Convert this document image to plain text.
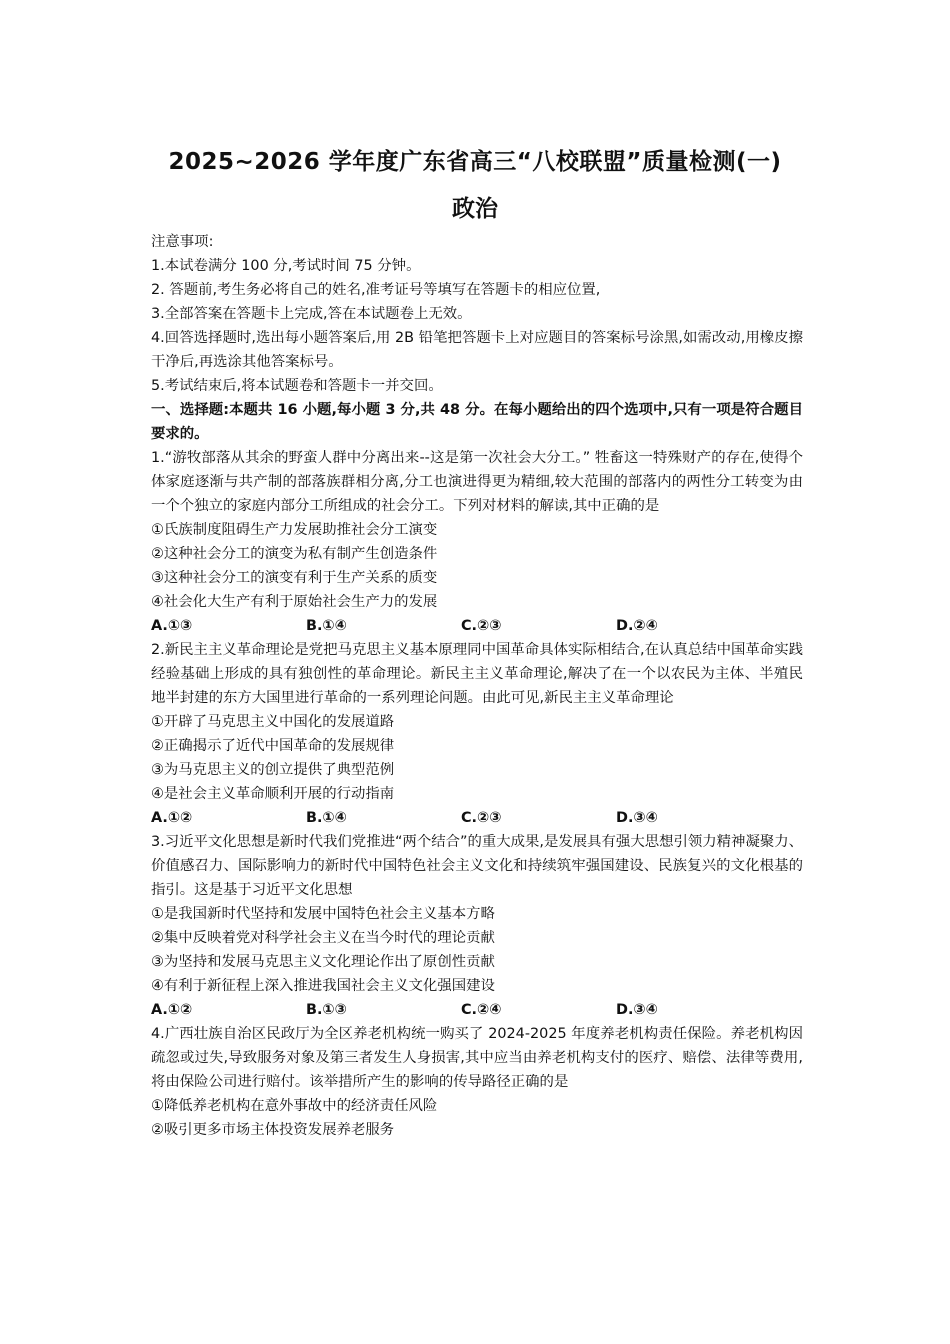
2025~2026 学年度广东省高三“八校联盟”质量检测(一)
政治
注意事项:
1.本试卷满分 100 分,考试时间 75 分钟。
2. 答题前,考生务必将自己的姓名,准考证号等填写在答题卡的相应位置,
3.全部答案在答题卡上完成,答在本试题卷上无效。
4.回答选择题时,选出每小题答案后,用 2B 铅笔把答题卡上对应题目的答案标号涂黑,如需改动,用橡皮擦干净后,再选涂其他答案标号。
5.考试结束后,将本试题卷和答题卡一并交回。
一、选择题:本题共 16 小题,每小题 3 分,共 48 分。在每小题给出的四个选项中,只有一项是符合题目要求的。
1.“游牧部落从其余的野蛮人群中分离出来--这是第一次社会大分工。” 牲畜这一特殊财产的存在,使得个体家庭逐渐与共产制的部落族群相分离,分工也演进得更为精细,较大范围的部落内的两性分工转变为由一个个独立的家庭内部分工所组成的社会分工。下列对材料的解读,其中正确的是
①氏族制度阻碍生产力发展助推社会分工演变
②这种社会分工的演变为私有制产生创造条件
③这种社会分工的演变有利于生产关系的质变
④社会化大生产有利于原始社会生产力的发展
A.①③	B.①④	C.②③	D.②④
2.新民主主义革命理论是党把马克思主义基本原理同中国革命具体实际相结合,在认真总结中国革命实践经验基础上形成的具有独创性的革命理论。新民主主义革命理论,解决了在一个以农民为主体、半殖民地半封建的东方大国里进行革命的一系列理论问题。由此可见,新民主主义革命理论
①开辟了马克思主义中国化的发展道路
②正确揭示了近代中国革命的发展规律
③为马克思主义的创立提供了典型范例
④是社会主义革命顺利开展的行动指南
A.①②	B.①④	C.②③	D.③④
3.习近平文化思想是新时代我们党推进“两个结合”的重大成果,是发展具有强大思想引领力精神凝聚力、价值感召力、国际影响力的新时代中国特色社会主义文化和持续筑牢强国建设、民族复兴的文化根基的指引。这是基于习近平文化思想
①是我国新时代坚持和发展中国特色社会主义基本方略
②集中反映着党对科学社会主义在当今时代的理论贡献
③为坚持和发展马克思主义文化理论作出了原创性贡献
④有利于新征程上深入推进我国社会主义文化强国建设
A.①②	B.①③	C.②④	D.③④
4.广西壮族自治区民政厅为全区养老机构统一购买了 2024-2025 年度养老机构责任保险。养老机构因疏忽或过失,导致服务对象及第三者发生人身损害,其中应当由养老机构支付的医疗、赔偿、法律等费用,将由保险公司进行赔付。该举措所产生的影响的传导路径正确的是
①降低养老机构在意外事故中的经济责任风险
②吸引更多市场主体投资发展养老服务
